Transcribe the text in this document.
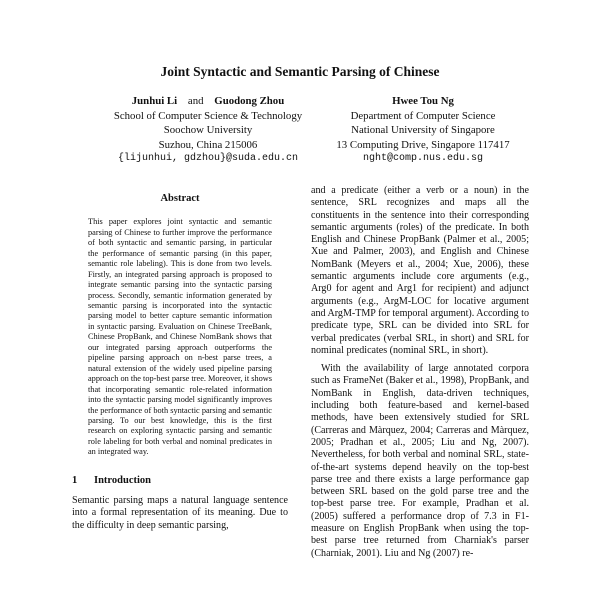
Joint Syntactic and Semantic Parsing of Chinese
Junhui Li and Guodong Zhou
School of Computer Science & Technology
Soochow University
Suzhou, China 215006
{lijunhui, gdzhou}@suda.edu.cn
Hwee Tou Ng
Department of Computer Science
National University of Singapore
13 Computing Drive, Singapore 117417
nght@comp.nus.edu.sg
Abstract

This paper explores joint syntactic and semantic parsing of Chinese to further improve the performance of both syntactic and semantic parsing, in particular the performance of semantic parsing (in this paper, semantic role labeling). This is done from two levels. Firstly, an integrated parsing approach is proposed to integrate semantic parsing into the syntactic parsing process. Secondly, semantic information generated by semantic parsing is incorporated into the syntactic parsing model to better capture semantic information in syntactic parsing. Evaluation on Chinese TreeBank, Chinese PropBank, and Chinese NomBank shows that our integrated parsing approach outperforms the pipeline parsing approach on n-best parse trees, a natural extension of the widely used pipeline parsing approach on the top-best parse tree. Moreover, it shows that incorporating semantic role-related information into the syntactic parsing model significantly improves the performance of both syntactic parsing and semantic parsing. To our best knowledge, this is the first research on exploring syntactic parsing and semantic role labeling for both verbal and nominal predicates in an integrated way.

1 Introduction

Semantic parsing maps a natural language sentence into a formal representation of its meaning. Due to the difficulty in deep semantic parsing,

and a predicate (either a verb or a noun) in the sentence, SRL recognizes and maps all the constituents in the sentence into their corresponding semantic arguments (roles) of the predicate. In both English and Chinese PropBank (Palmer et al., 2005; Xue and Palmer, 2003), and English and Chinese NomBank (Meyers et al., 2004; Xue, 2006), these semantic arguments include core arguments (e.g., Arg0 for agent and Arg1 for recipient) and adjunct arguments (e.g., ArgM-LOC for locative argument and ArgM-TMP for temporal argument). According to predicate type, SRL can be divided into SRL for verbal predicates (verbal SRL, in short) and SRL for nominal predicates (nominal SRL, in short).

With the availability of large annotated corpora such as FrameNet (Baker et al., 1998), PropBank, and NomBank in English, data-driven techniques, including both feature-based and kernel-based methods, have been extensively studied for SRL (Carreras and Màrquez, 2004; Carreras and Màrquez, 2005; Pradhan et al., 2005; Liu and Ng, 2007). Nevertheless, for both verbal and nominal SRL, state-of-the-art systems depend heavily on the top-best parse tree and there exists a large performance gap between SRL based on the gold parse tree and the top-best parse tree. For example, Pradhan et al. (2005) suffered a performance drop of 7.3 in F1-measure on English PropBank when using the top-best parse tree returned from Charniak's parser (Charniak, 2001). Liu and Ng (2007) re-
